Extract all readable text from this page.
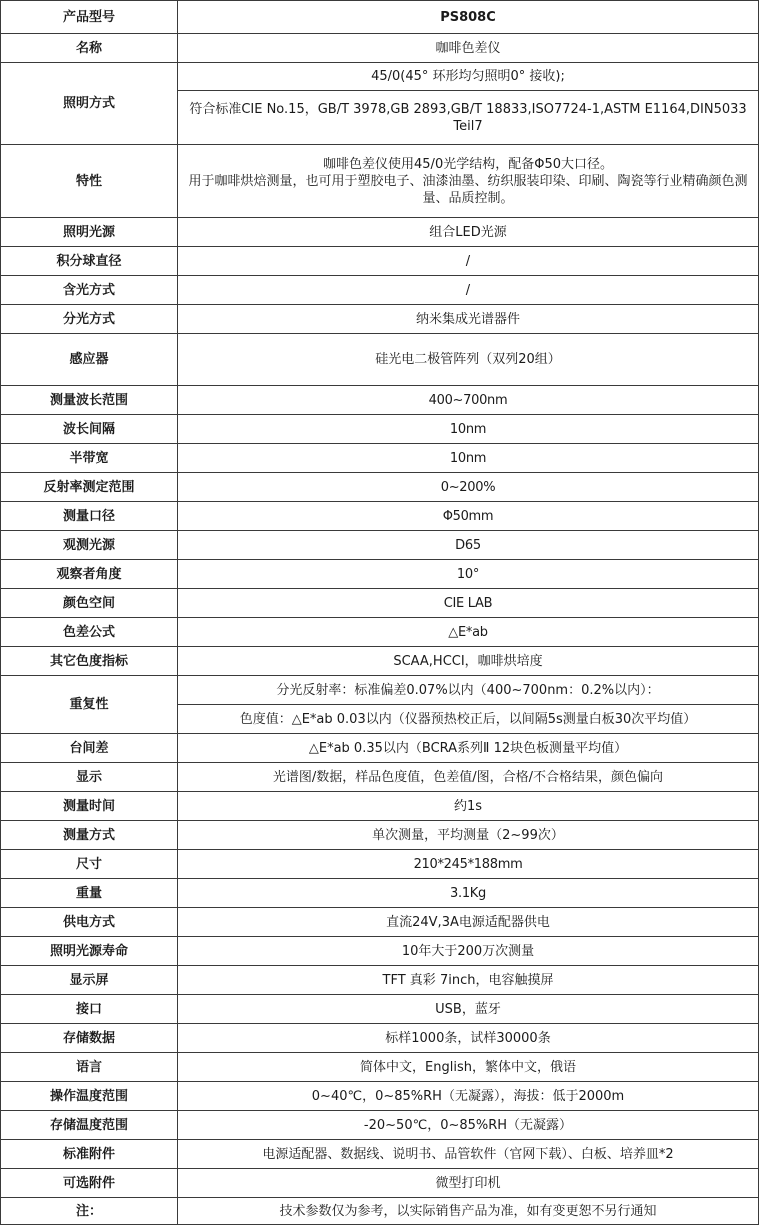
产品型号	PS808C
名称	咖啡色差仪
照明方式	45/0(45° 环形均匀照明0° 接收);
	符合标准CIE No.15，GB/T 3978,GB 2893,GB/T 18833,ISO7724-1,ASTM E1164,DIN5033 Teil7
特性	咖啡色差仪使用45/0光学结构，配备Φ50大口径。
用于咖啡烘焙测量，也可用于塑胶电子、油漆油墨、纺织服装印染、印刷、陶瓷等行业精确颜色测量、品质控制。
照明光源	组合LED光源
积分球直径	/
含光方式	/
分光方式	纳米集成光谱器件
感应器	硅光电二极管阵列（双列20组）
测量波长范围	400~700nm
波长间隔	10nm
半带宽	10nm
反射率测定范围	0~200%
测量口径	Φ50mm
观测光源	D65
观察者角度	10°
颜色空间	CIE LAB
色差公式	△E*ab
其它色度指标	SCAA,HCCI，咖啡烘培度
重复性	分光反射率：标准偏差0.07%以内（400~700nm：0.2%以内）：
	色度值：△E*ab 0.03以内（仪器预热校正后，以间隔5s测量白板30次平均值）
台间差	△E*ab 0.35以内（BCRA系列Ⅱ 12块色板测量平均值）
显示	光谱图/数据，样品色度值，色差值/图，合格/不合格结果，颜色偏向
测量时间	约1s
测量方式	单次测量，平均测量（2~99次）
尺寸	210*245*188mm
重量	3.1Kg
供电方式	直流24V,3A电源适配器供电
照明光源寿命	10年大于200万次测量
显示屏	TFT 真彩 7inch，电容触摸屏
接口	USB，蓝牙
存储数据	标样1000条，试样30000条
语言	简体中文，English，繁体中文，俄语
操作温度范围	0~40℃，0~85%RH（无凝露），海拔：低于2000m
存储温度范围	-20~50℃，0~85%RH（无凝露）
标准附件	电源适配器、数据线、说明书、品管软件（官网下载）、白板、培养皿*2
可选附件	微型打印机
注：	技术参数仅为参考，以实际销售产品为准，如有变更恕不另行通知
